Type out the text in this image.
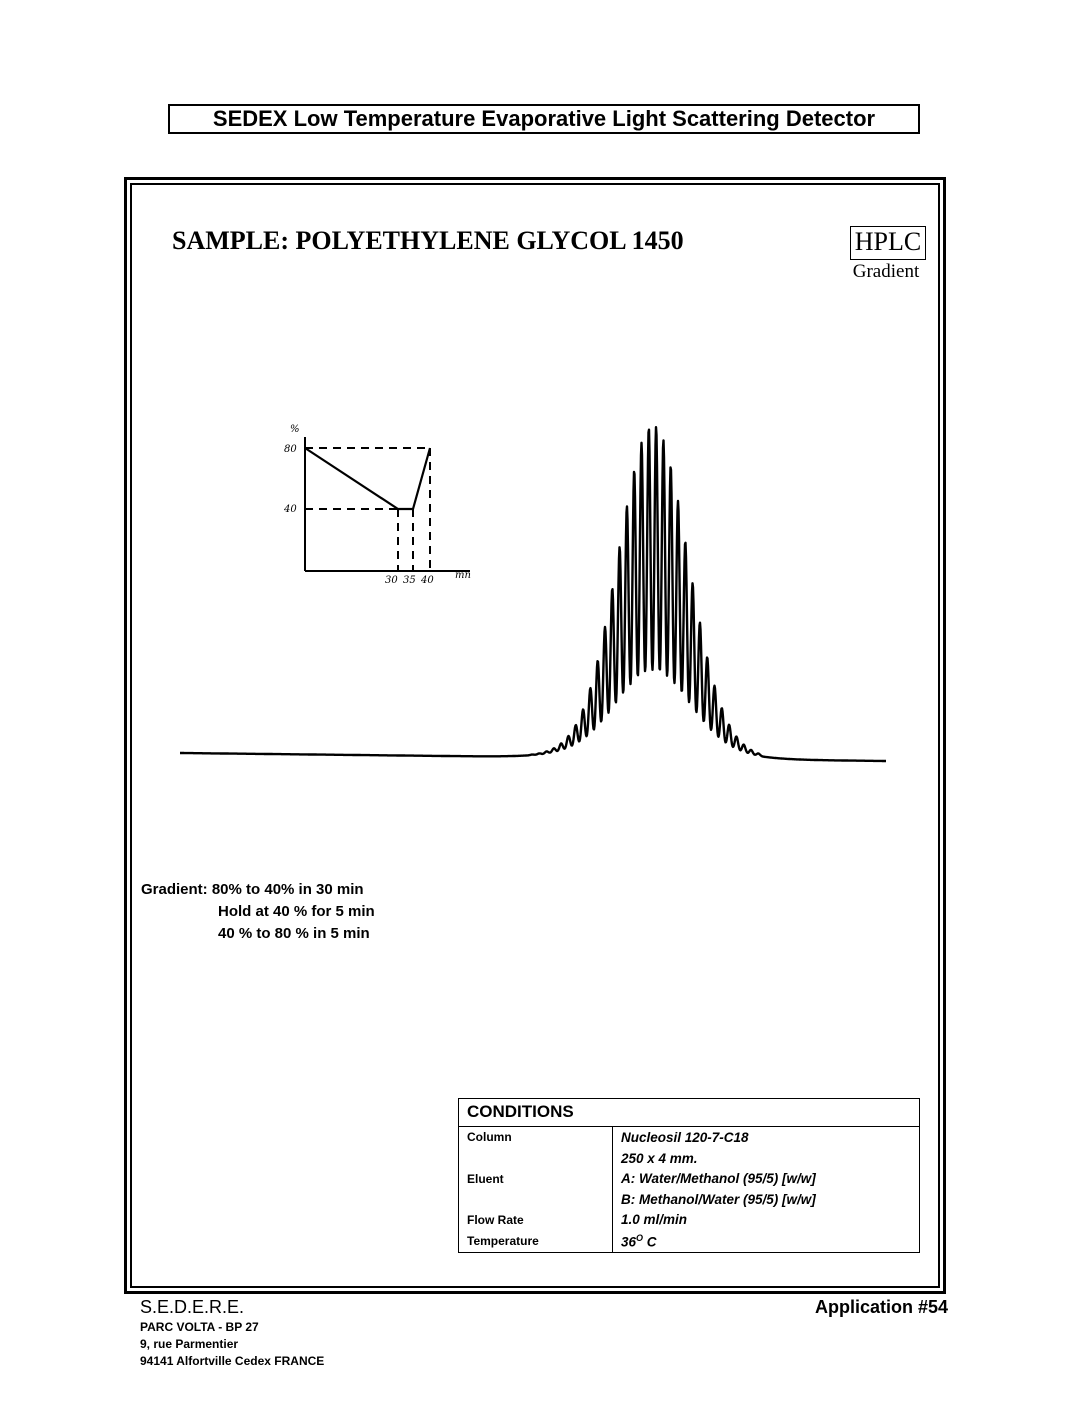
SEDEX Low Temperature Evaporative Light Scattering Detector
SAMPLE: POLYETHYLENE GLYCOL 1450	HPLC
Gradient
%
80
40
30 35 40 mn
Gradient: 80% to 40% in 30 min
Hold at 40 % for 5 min
40 % to 80 % in 5 min
CONDITIONS
Column	Nucleosil 120-7-C18
250 x 4 mm.
Eluent	A: Water/Methanol (95/5) [w/w]
B: Methanol/Water (95/5) [w/w]
Flow Rate	1.0 ml/min
Temperature	$36^O$ C
S.E.D.E.R.E.
PARC VOLTA - BP 27
9, rue Parmentier
94141 Alfortville Cedex FRANCE
Application #54
